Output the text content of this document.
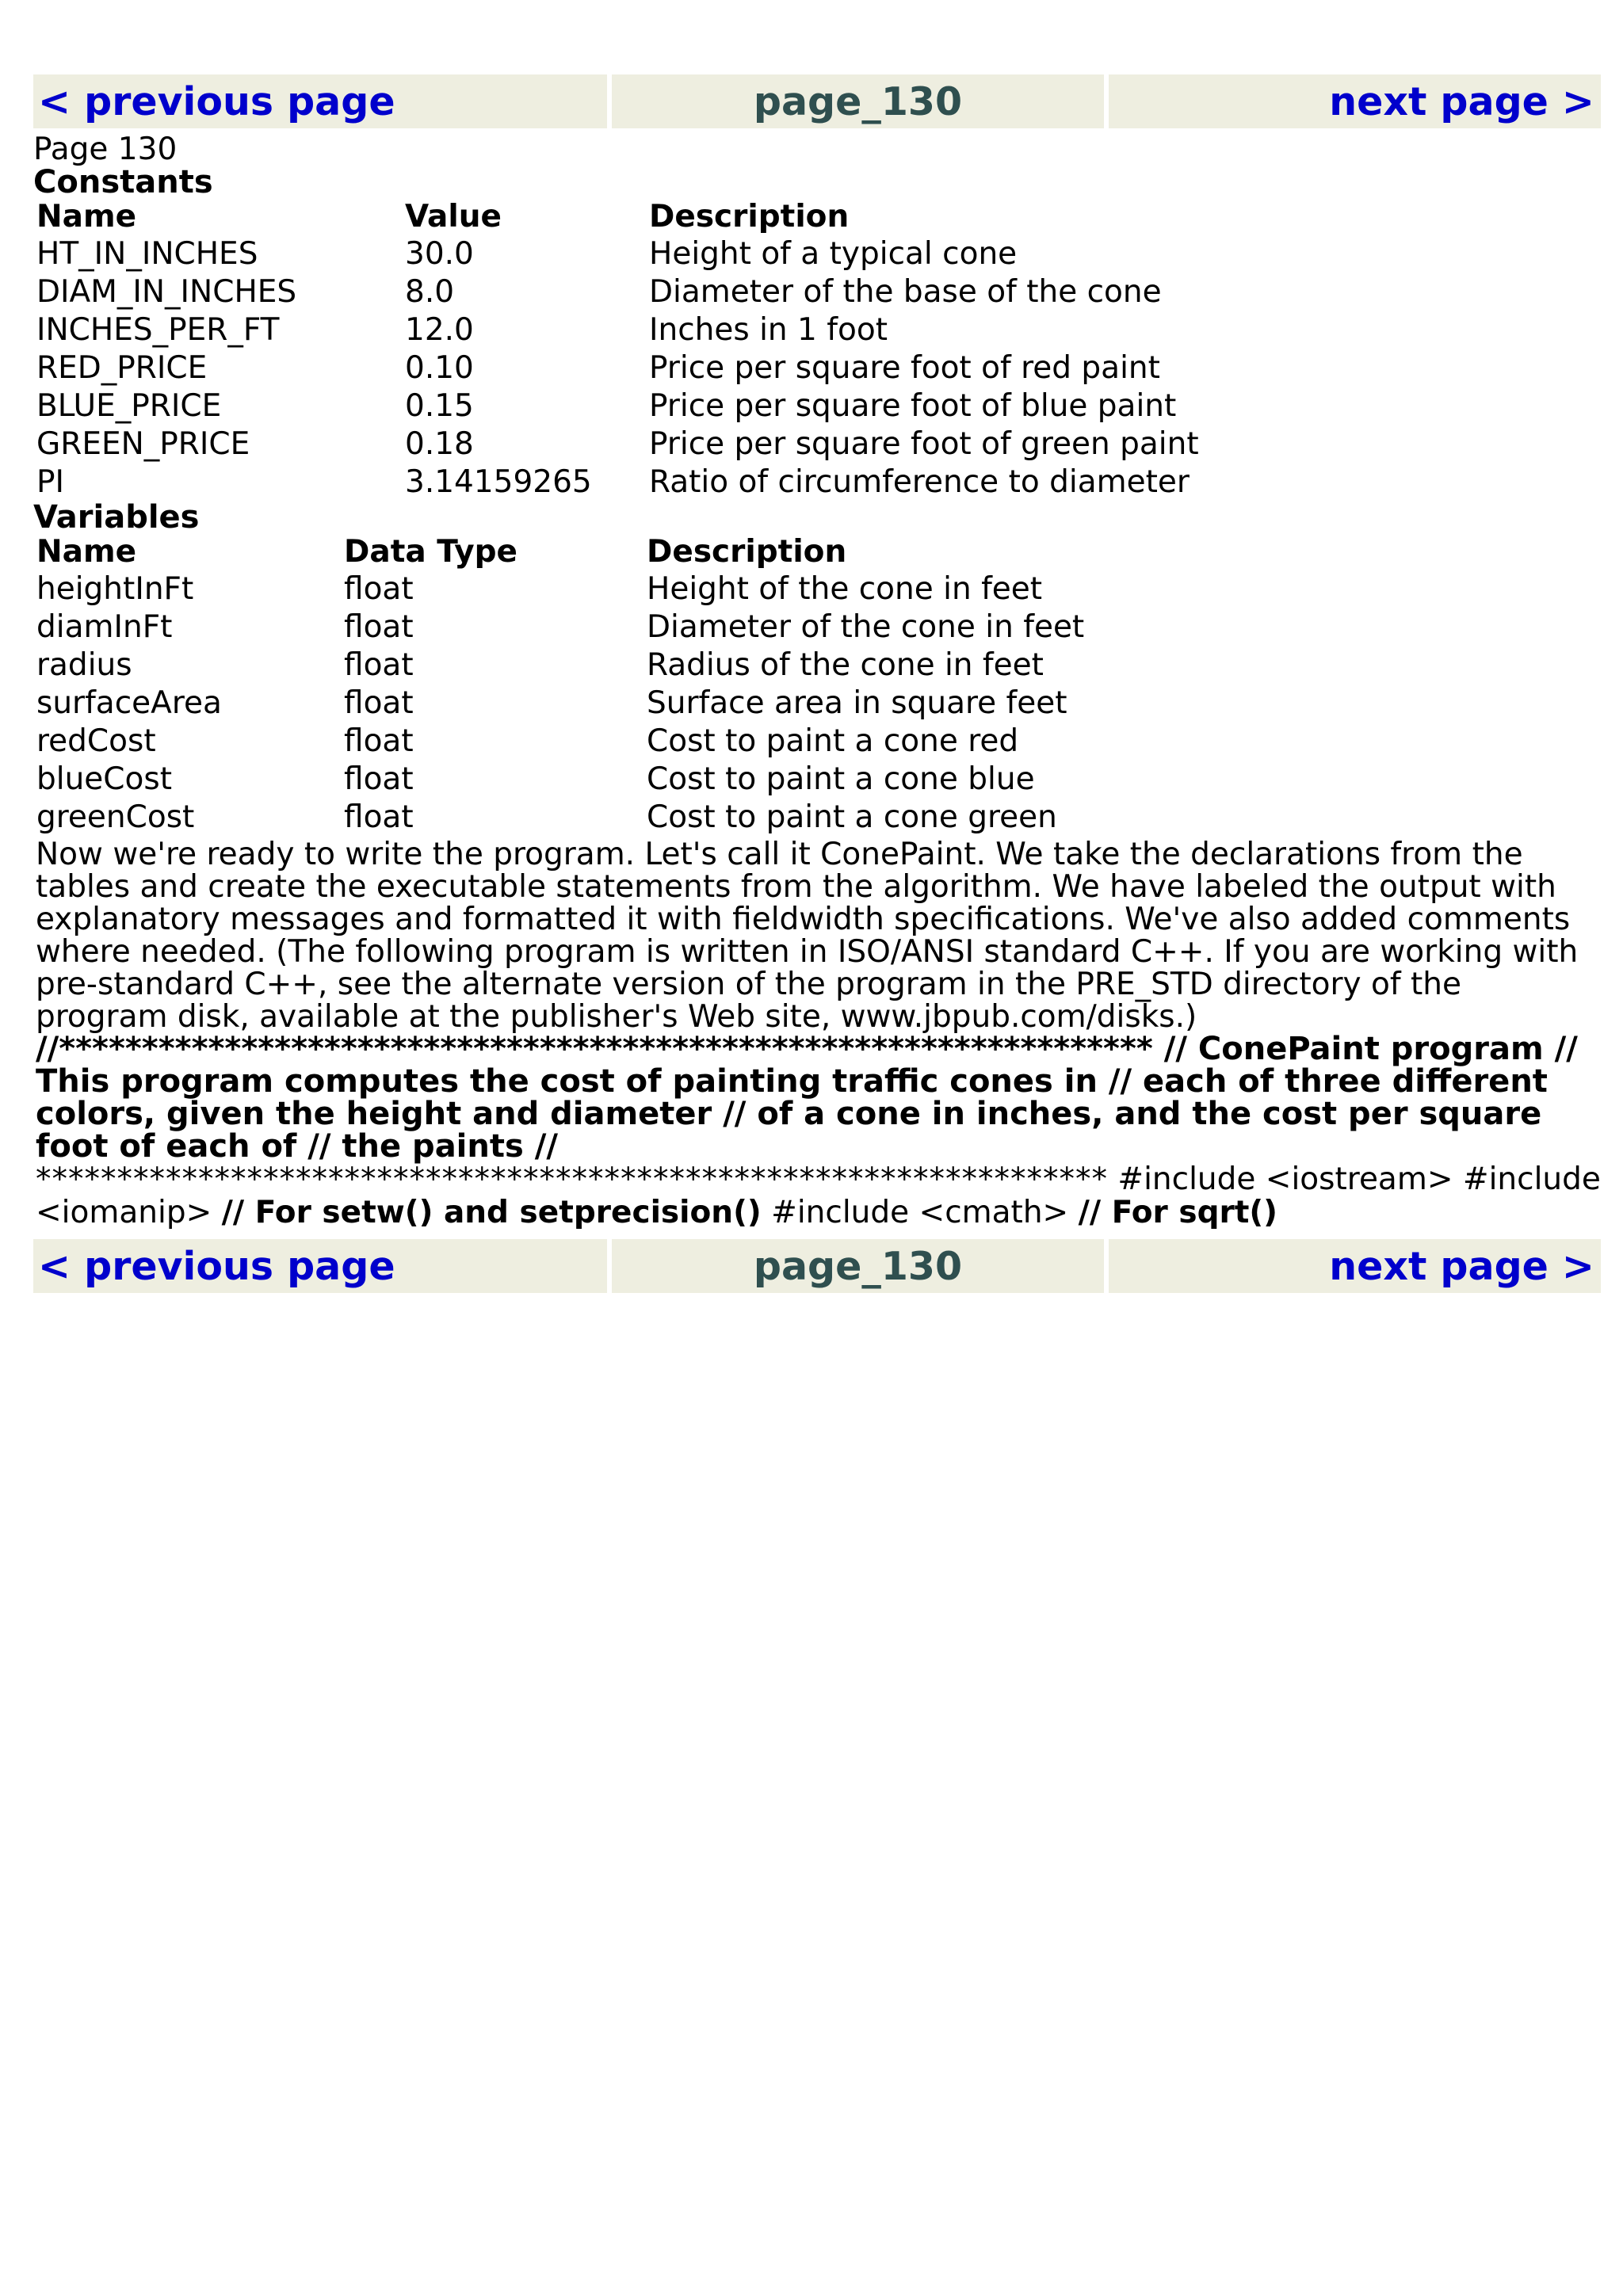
< previous page	page_130	next page >
Page 130
Constants
Name	Value	Description
HT_IN_INCHES	30.0	Height of a typical cone
DIAM_IN_INCHES	8.0	Diameter of the base of the cone
INCHES_PER_FT	12.0	Inches in 1 foot
RED_PRICE	0.10	Price per square foot of red paint
BLUE_PRICE	0.15	Price per square foot of blue paint
GREEN_PRICE	0.18	Price per square foot of green paint
PI	3.14159265	Ratio of circumference to diameter
Variables
Name	Data Type	Description
heightInFt	float	Height of the cone in feet
diamInFt	float	Diameter of the cone in feet
radius	float	Radius of the cone in feet
surfaceArea	float	Surface area in square feet
redCost	float	Cost to paint a cone red
blueCost	float	Cost to paint a cone blue
greenCost	float	Cost to paint a cone green
Now we're ready to write the program. Let's call it ConePaint. We take the declarations from the tables and create the executable statements from the algorithm. We have labeled the output with explanatory messages and formatted it with fieldwidth specifications. We've also added comments where needed. (The following program is written in ISO/ANSI standard C++. If you are working with pre-standard C++, see the alternate version of the program in the PRE_STD directory of the program disk, available at the publisher's Web site, www.jbpub.com/disks.)
//****************************************************************** // ConePaint program // This program computes the cost of painting traffic cones in // each of three different colors, given the height and diameter // of a cone in inches, and the cost per square foot of each of // the paints //
****************************************************************** #include <iostream> #include <iomanip> // For setw() and setprecision() #include <cmath> // For sqrt()
< previous page	page_130	next page >
